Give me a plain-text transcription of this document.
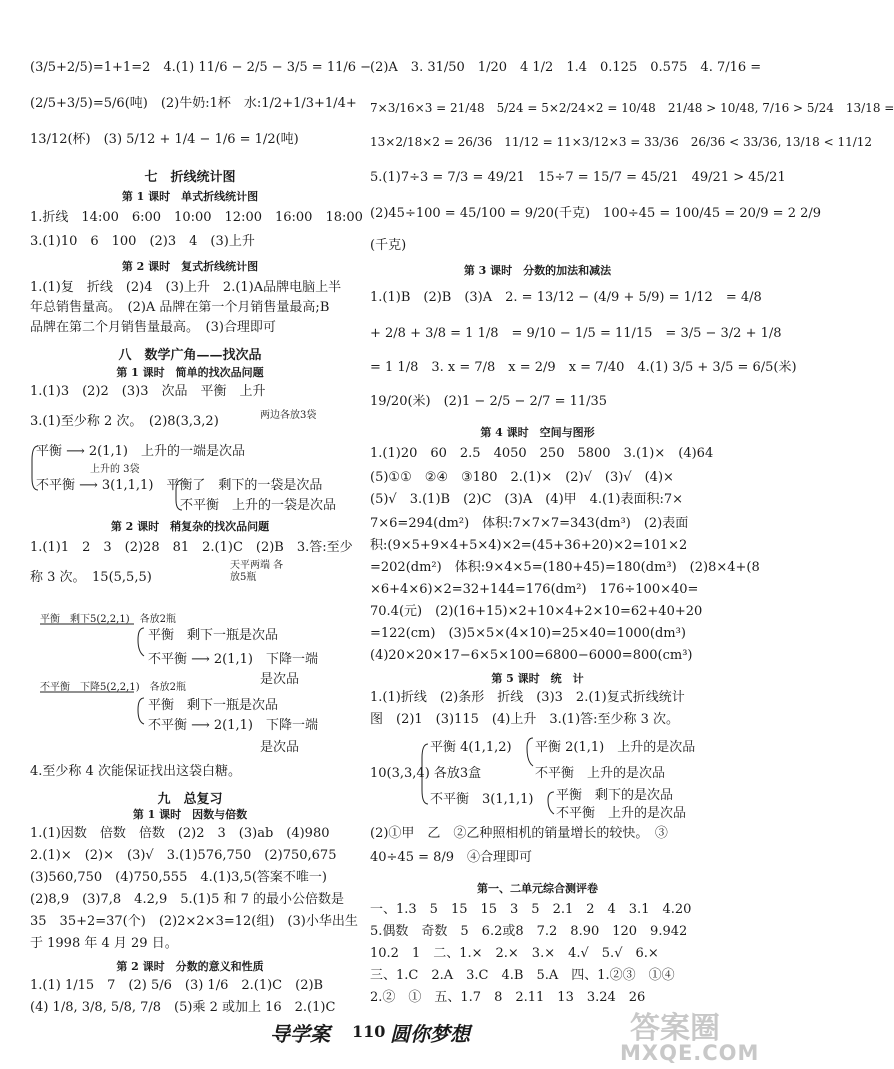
(3/5+2/5)=1+1=2　4.(1) 11/6 − 2/5 − 3/5 = 11/6 −
(2/5+3/5)=5/6(吨)　(2)牛奶:1杯　水:1/2+1/3+1/4+
13/12(杯)　(3) 5/12 + 1/4 − 1/6 = 1/2(吨)
七　折线统计图
第 1 课时　单式折线统计图
1.折线　14:00　6:00　10:00　12:00　16:00　18:00
3.(1)10　6　100　(2)3　4　(3)上升
第 2 课时　复式折线统计图
1.(1)复　折线　(2)4　(3)上升　2.(1)A品牌电脑上半
年总销售量高。　(2)A 品牌在第一个月销售量最高;B
品牌在第二个月销售量最高。　(3)合理即可
八　数学广角——找次品
第 1 课时　简单的找次品问题
1.(1)3　(2)2　(3)3　次品　平衡　上升
3.(1)至少称 2 次。　(2)8(3,3,2)	两边各放3袋
平衡 ⟶ 2(1,1)　上升的一端是次品
上升的 3袋
不平衡 ⟶ 3(1,1,1)　平衡了　剩下的一袋是次品
不平衡　上升的一袋是次品
第 2 课时　稍复杂的找次品问题
1.(1)1　2　3　(2)28　81　2.(1)C　(2)B　3.答:至少
称 3 次。　15(5,5,5)
天平两端 各放5瓶
平衡　剩下5(2,2,1)　各放2瓶
平衡　剩下一瓶是次品
不平衡 ⟶ 2(1,1)　下降一端
是次品
不平衡　下降5(2,2,1)　各放2瓶
平衡　剩下一瓶是次品
不平衡 ⟶ 2(1,1)　下降一端
是次品
4.至少称 4 次能保证找出这袋白糖。
九　总复习
第 1 课时　因数与倍数
1.(1)因数　倍数　倍数　(2)2　3　(3)ab　(4)980
2.(1)×　(2)×　(3)√　3.(1)576,750　(2)750,675
(3)560,750　(4)750,555　4.(1)3,5(答案不唯一)
(2)8,9　(3)7,8　4.2,9　5.(1)5 和 7 的最小公倍数是
35　35+2=37(个)　(2)2×2×3=12(组)　(3)小华出生
于 1998 年 4 月 29 日。
第 2 课时　分数的意义和性质
1.(1) 1/15　7　(2) 5/6　(3) 1/6　2.(1)C　(2)B
(4) 1/8, 3/8, 5/8, 7/8　(5)乘 2 或加上 16　2.(1)C
(2)A　3. 31/50　1/20　4 1/2　1.4　0.125　0.575　4. 7/16 =
7×3/16×3 = 21/48　5/24 = 5×2/24×2 = 10/48　21/48 > 10/48, 7/16 > 5/24　13/18 =
13×2/18×2 = 26/36　11/12 = 11×3/12×3 = 33/36　26/36 < 33/36, 13/18 < 11/12
5.(1)7÷3 = 7/3 = 49/21　15÷7 = 15/7 = 45/21　49/21 > 45/21
(2)45÷100 = 45/100 = 9/20(千克)　100÷45 = 100/45 = 20/9 = 2 2/9
(千克)
第 3 课时　分数的加法和减法
1.(1)B　(2)B　(3)A　2. = 13/12 − (4/9 + 5/9) = 1/12　= 4/8
+ 2/8 + 3/8 = 1 1/8　= 9/10 − 1/5 = 11/15　= 3/5 − 3/2 + 1/8
= 1 1/8　3. x = 7/8　x = 2/9　x = 7/40　4.(1) 3/5 + 3/5 = 6/5(米)
19/20(米)　(2)1 − 2/5 − 2/7 = 11/35
第 4 课时　空间与图形
1.(1)20　60　2.5　4050　250　5800　3.(1)×　(4)64
(5)①①　②④　③180　2.(1)×　(2)√　(3)√　(4)×
(5)√　3.(1)B　(2)C　(3)A　(4)甲　4.(1)表面积:7×
7×6=294(dm²)　体积:7×7×7=343(dm³)　(2)表面
积:(9×5+9×4+5×4)×2=(45+36+20)×2=101×2
=202(dm²)　体积:9×4×5=(180+45)=180(dm³)　(2)8×4+(8
×6+4×6)×2=32+144=176(dm²)　176÷100×40=
70.4(元)　(2)(16+15)×2+10×4+2×10=62+40+20
=122(cm)　(3)5×5×(4×10)=25×40=1000(dm³)
(4)20×20×17−6×5×100=6800−6000=800(cm³)
第 5 课时　统　计
1.(1)折线　(2)条形　折线　(3)3　2.(1)复式折线统计
图　(2)1　(3)115　(4)上升　3.(1)答:至少称 3 次。
平衡 4(1,1,2) 平衡 2(1,1)　上升的是次品
10(3,3,4) 各放3盒	不平衡　上升的是次品
不平衡　3(1,1,1) 平衡　剩下的是次品
不平衡　上升的是次品
(2)①甲　乙　②乙种照相机的销量增长的较快。　③
40÷45 = 8/9　④合理即可
第一、二单元综合测评卷
一、1.3　5　15　15　3　5　2.1　2　4　3.1　4.20
5.偶数　奇数　5　6.2或8　7.2　8.90　120　9.942
10.2　1　二、1.×　2.×　3.×　4.√　5.√　6.×
三、1.C　2.A　3.C　4.B　5.A　四、1.②③　①④
2.②　①　五、1.7　8　2.11　13　3.24　26
导学案 110 圆你梦想	答案圈
MXQE.COM
